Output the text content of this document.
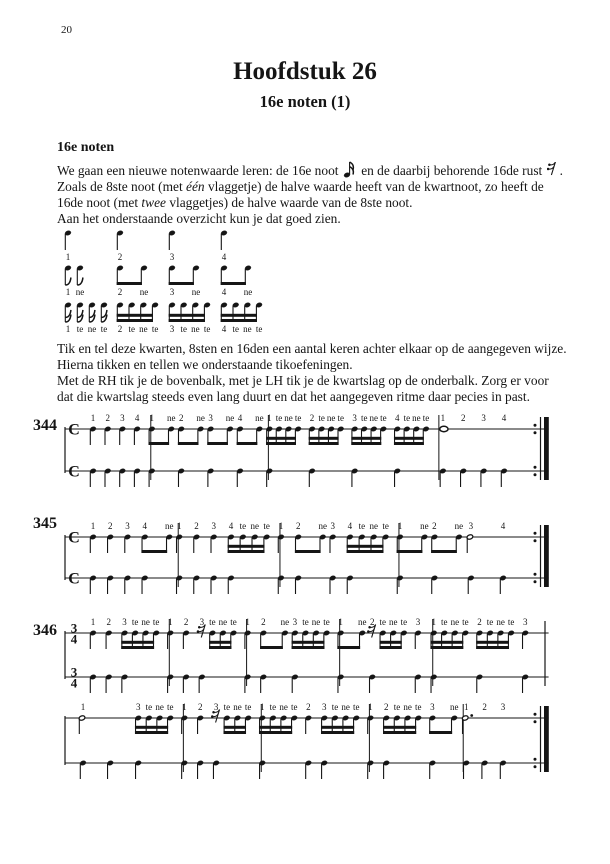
20
Hoofdstuk 26
16e noten (1)
16e noten
We gaan een nieuwe notenwaarde leren: de 16e noot  en de daarbij behorende 16de rust .
Zoals de 8ste noot (met één vlaggetje) de halve waarde heeft van de kwartnoot, zo heeft de
16de noot (met twee vlaggetjes) de halve waarde van de 8ste noot.
Aan het onderstaande overzicht kun je dat goed zien.
Tik en tel deze kwarten, 8sten en 16den een aantal keren achter elkaar op de aangegeven wijze.
Hierna tikken en tellen we onderstaande tikoefeningen.
Met de RH tik je de bovenbalk, met je LH tik je de kwartslag op de onderbalk. Zorg er voor
dat die kwartslag steeds even lang duurt en dat het aangegeven ritme daar pecies in past.
344
345
346
1	2	3	4
1 ne	2 ne 3 ne 4 ne
1 te ne te 2 te ne te 3 te ne te 4 te ne te
C
C
1 2 3 4 1 ne 2 ne 3 ne 4 ne 1 te ne te 2 te ne te 3 te ne te 4 te ne te 1 2 3 4
C
C
1 2 3 4 ne 1 2 3 4 te ne te 1 2 ne 3 4 te ne te 1 ne 2 ne 3	4
3
4
3
4
1 2 3 te ne te 1 2 3 te ne te 1 2 ne 3 te ne te 1 ne 2 te ne te 3 1 te ne te 2 te ne te 3
1	3 te ne te 1 2 3 te ne te 1 te ne te 2 3 te ne te 1 2 te ne te 3 ne 1 2 3
